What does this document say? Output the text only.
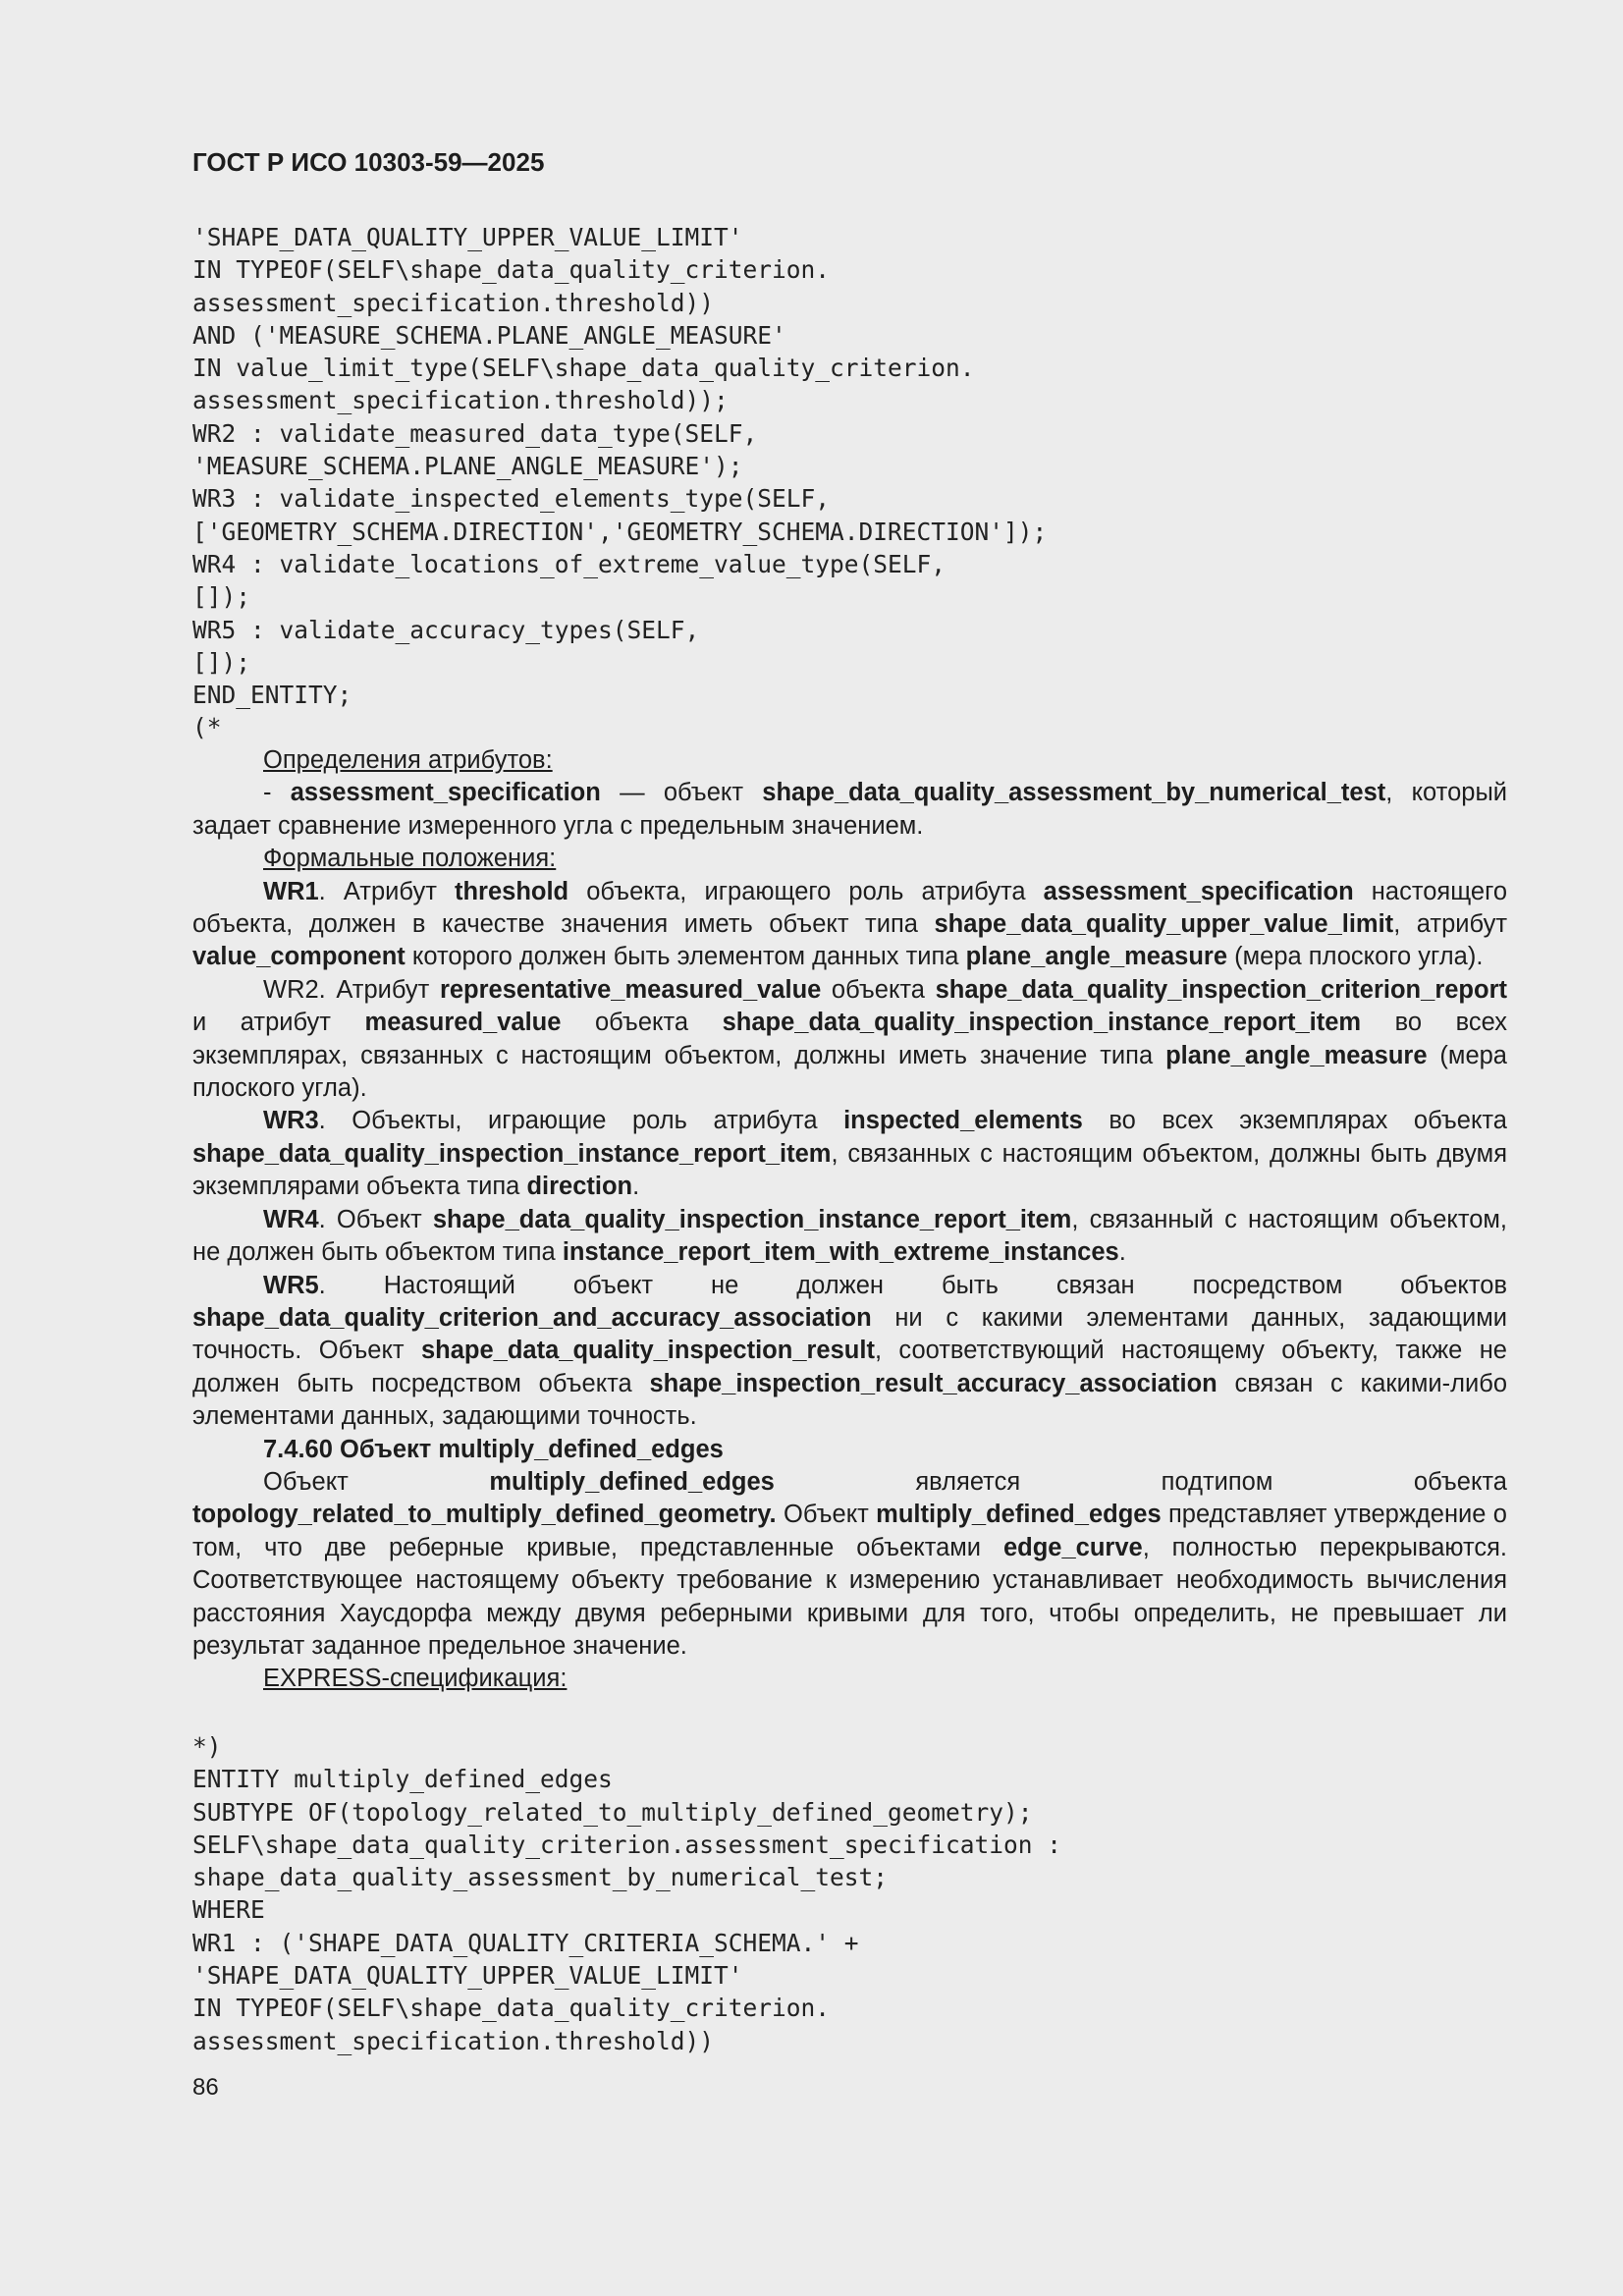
ГОСТ Р ИСО 10303-59—2025
'SHAPE_DATA_QUALITY_UPPER_VALUE_LIMIT'
IN TYPEOF(SELF\shape_data_quality_criterion.
assessment_specification.threshold))
AND ('MEASURE_SCHEMA.PLANE_ANGLE_MEASURE'
IN value_limit_type(SELF\shape_data_quality_criterion.
assessment_specification.threshold));
WR2 : validate_measured_data_type(SELF,
'MEASURE_SCHEMA.PLANE_ANGLE_MEASURE');
WR3 : validate_inspected_elements_type(SELF,
['GEOMETRY_SCHEMA.DIRECTION','GEOMETRY_SCHEMA.DIRECTION']);
WR4 : validate_locations_of_extreme_value_type(SELF,
[]);
WR5 : validate_accuracy_types(SELF,
[]);
END_ENTITY;
(*

Определения атрибутов:

- assessment_specification — объект shape_data_quality_assessment_by_numerical_test, который задает сравнение измеренного угла с предельным значением.

Формальные положения:

WR1. Атрибут threshold объекта, играющего роль атрибута assessment_specification настоящего объекта, должен в качестве значения иметь объект типа shape_data_quality_upper_value_limit, атрибут value_component которого должен быть элементом данных типа plane_angle_measure (мера плоского угла).

WR2. Атрибут representative_measured_value объекта shape_data_quality_inspection_criterion_report и атрибут measured_value объекта shape_data_quality_inspection_instance_report_item во всех экземплярах, связанных с настоящим объектом, должны иметь значение типа plane_angle_measure (мера плоского угла).

WR3. Объекты, играющие роль атрибута inspected_elements во всех экземплярах объекта shape_data_quality_inspection_instance_report_item, связанных с настоящим объектом, должны быть двумя экземплярами объекта типа direction.

WR4. Объект shape_data_quality_inspection_instance_report_item, связанный с настоящим объектом, не должен быть объектом типа instance_report_item_with_extreme_instances.

WR5. Настоящий объект не должен быть связан посредством объектов shape_data_quality_criterion_and_accuracy_association ни с какими элементами данных, задающими точность. Объект shape_data_quality_inspection_result, соответствующий настоящему объекту, также не должен быть посредством объекта shape_inspection_result_accuracy_association связан с какими-либо элементами данных, задающими точность.

7.4.60 Объект multiply_defined_edges

Объект multiply_defined_edges является подтипом объекта topology_related_to_multiply_defined_geometry. Объект multiply_defined_edges представляет утверждение о том, что две реберные кривые, представленные объектами edge_curve, полностью перекрываются. Соответствующее настоящему объекту требование к измерению устанавливает необходимость вычисления расстояния Хаусдорфа между двумя реберными кривыми для того, чтобы определить, не превышает ли результат заданное предельное значение.

EXPRESS-спецификация:

*)
ENTITY multiply_defined_edges
SUBTYPE OF(topology_related_to_multiply_defined_geometry);
SELF\shape_data_quality_criterion.assessment_specification :
shape_data_quality_assessment_by_numerical_test;
WHERE
WR1 : ('SHAPE_DATA_QUALITY_CRITERIA_SCHEMA.' +
'SHAPE_DATA_QUALITY_UPPER_VALUE_LIMIT'
IN TYPEOF(SELF\shape_data_quality_criterion.
assessment_specification.threshold))
86
